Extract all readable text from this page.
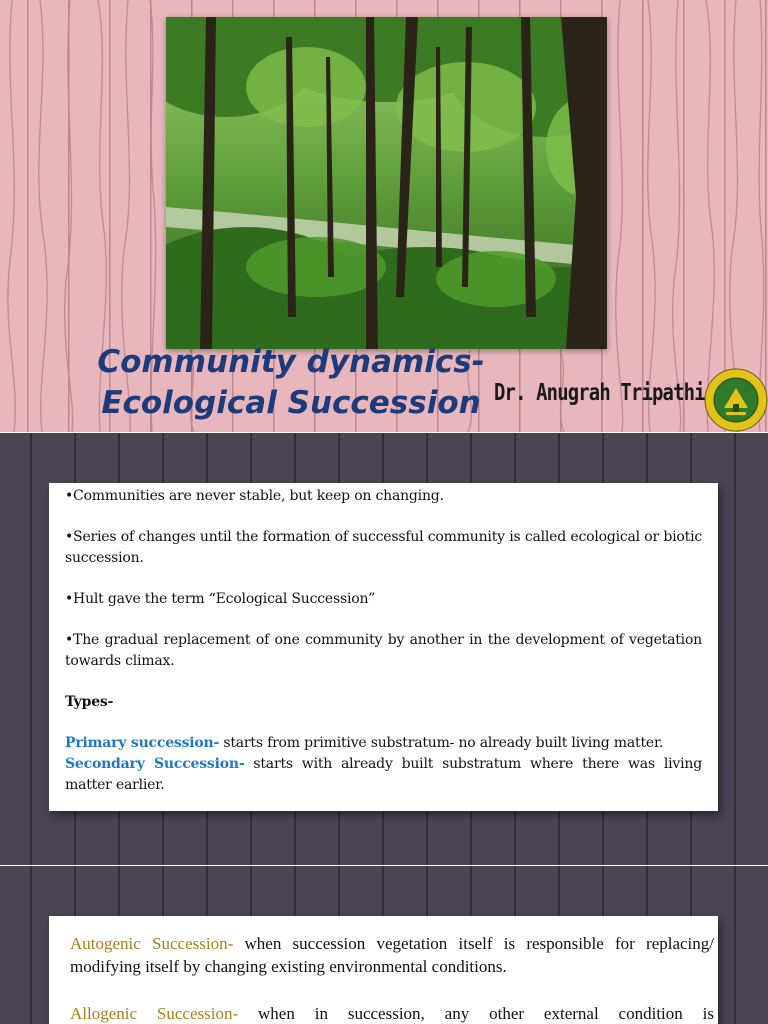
Community dynamics-
Ecological Succession Dr. Anugrah Tripathi
•Communities are never stable, but keep on changing.
•Series of changes until the formation of successful community is called ecological or biotic succession.
•Hult gave the term “Ecological Succession”
•The gradual replacement of one community by another in the development of vegetation towards climax.
Types-
Primary succession- starts from primitive substratum- no already built living matter.
Secondary Succession- starts with already built substratum where there was living matter earlier.
Autogenic Succession- when succession vegetation itself is responsible for replacing/ modifying itself by changing existing environmental conditions.
Allogenic Succession- when in succession, any other external condition is
